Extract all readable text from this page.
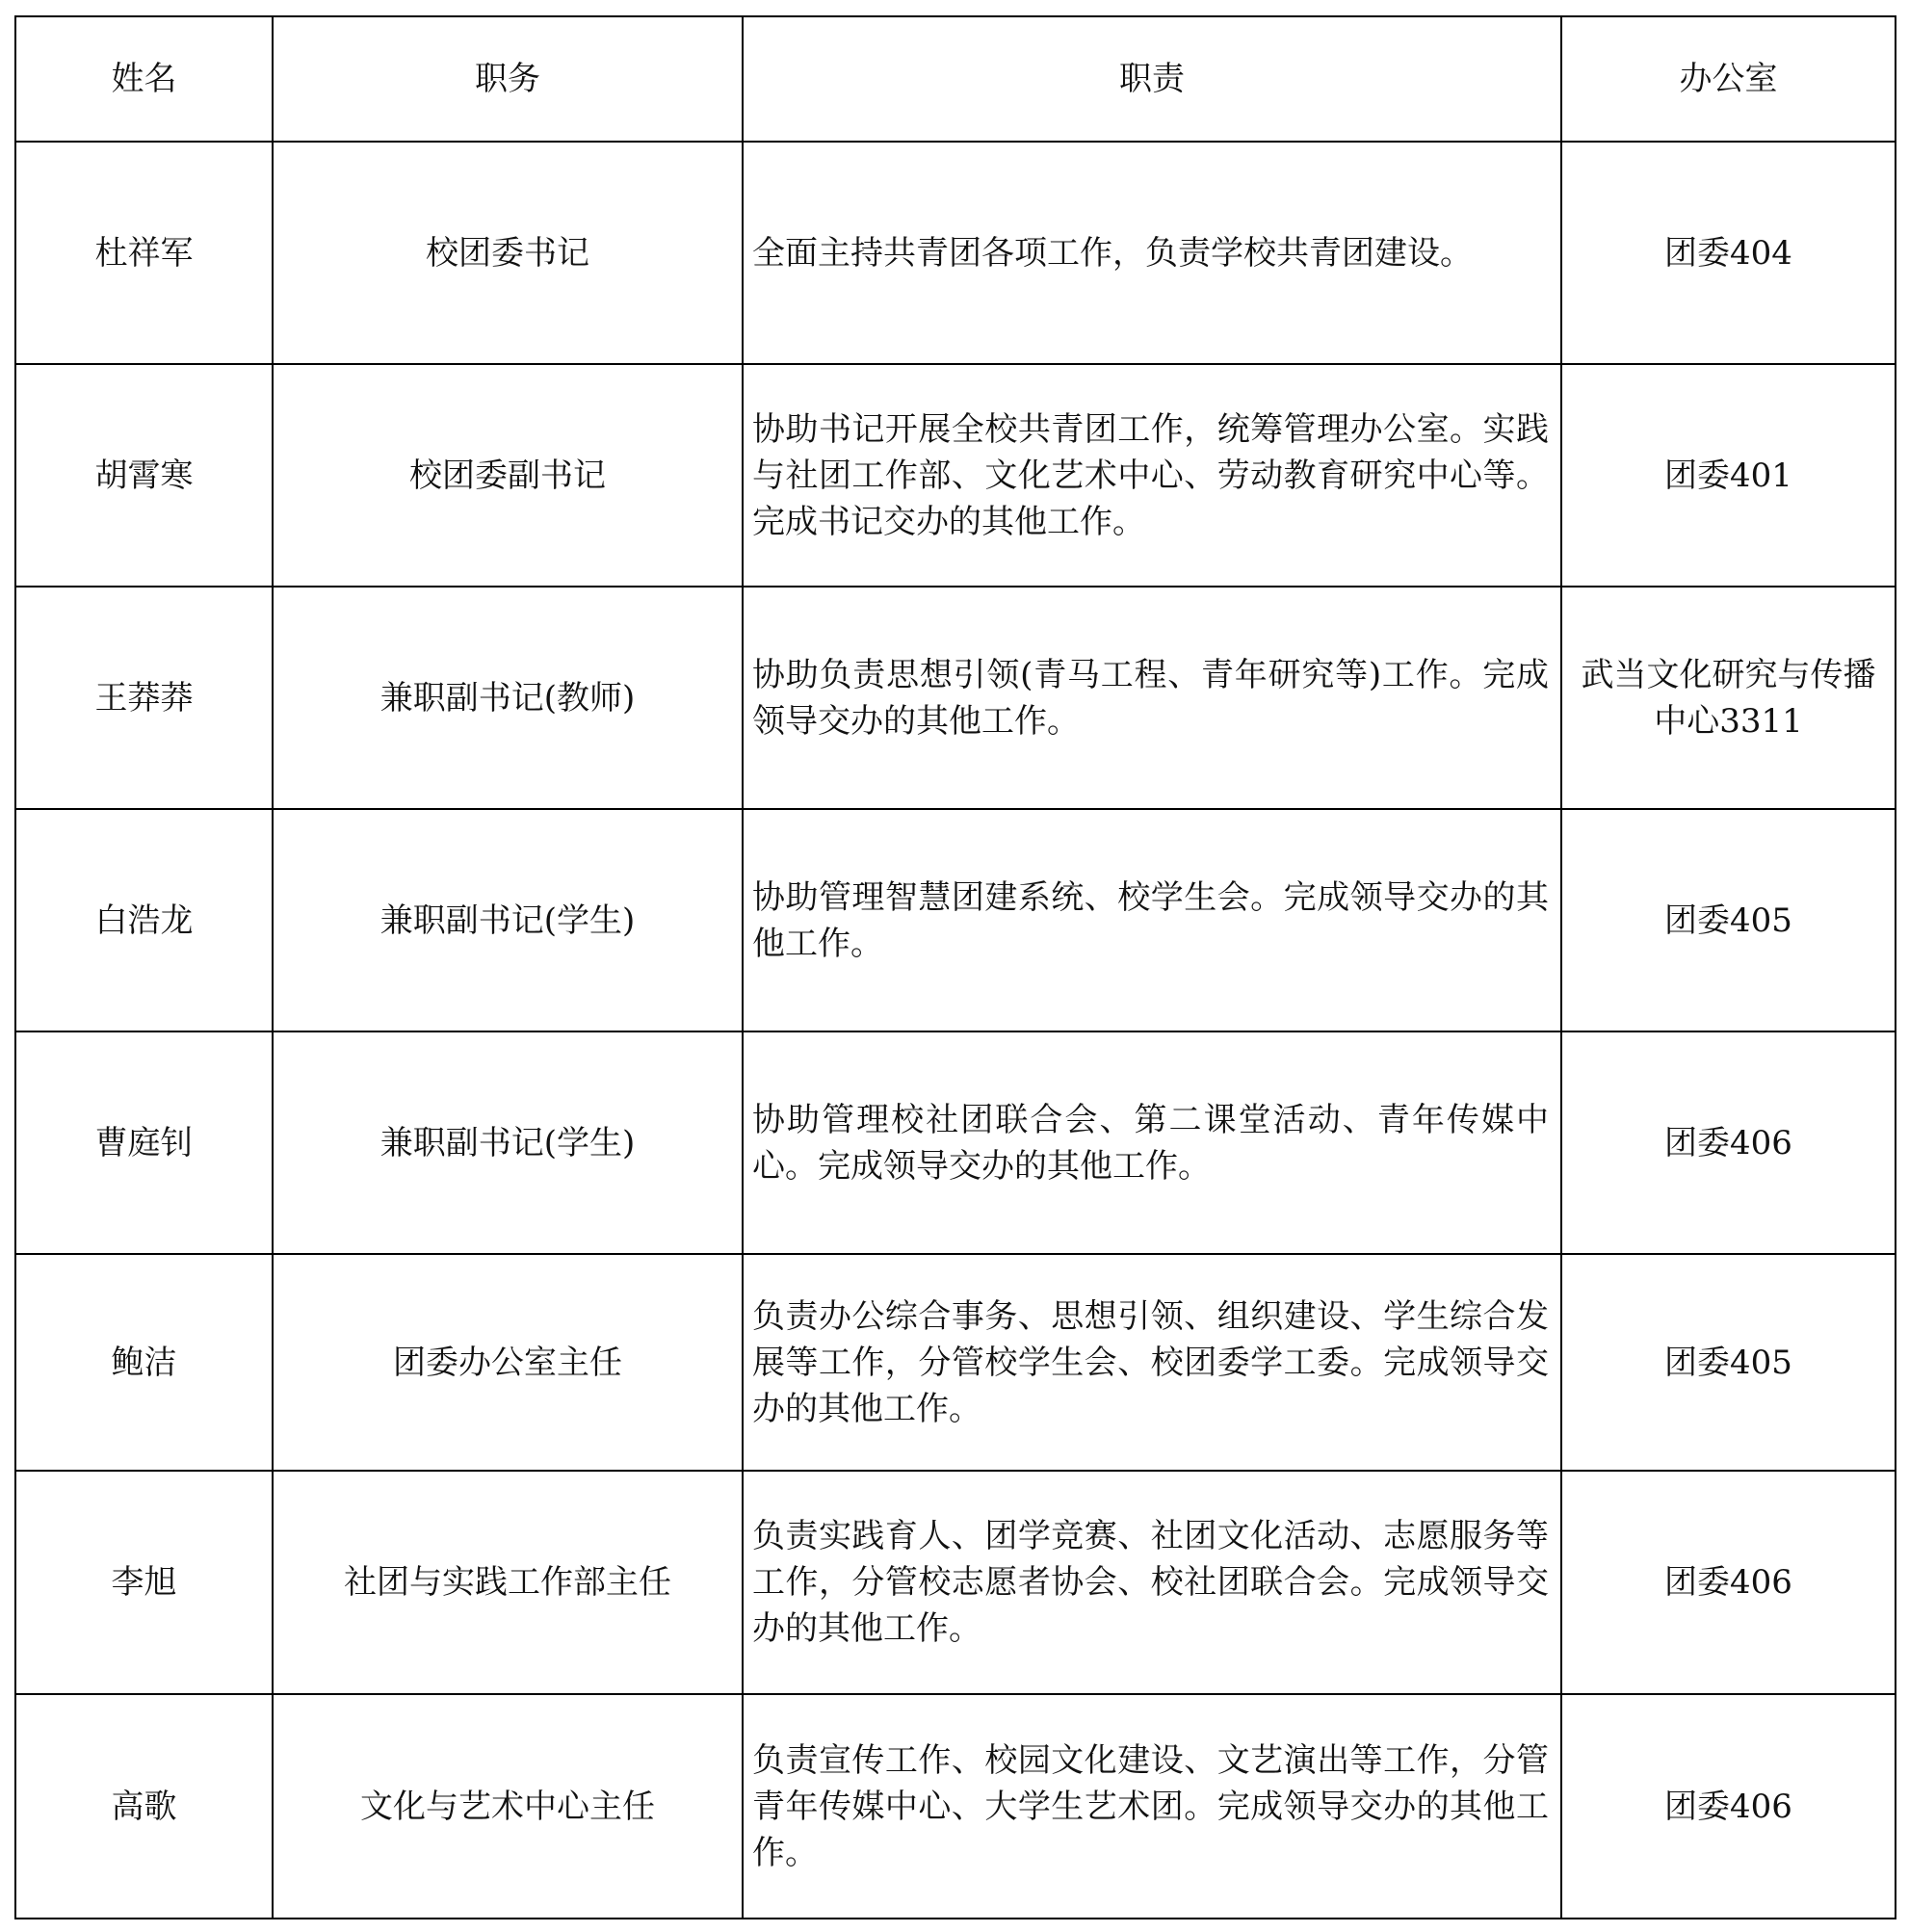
姓名	职务	职责	办公室
杜祥军	校团委书记	全面主持共青团各项工作，负责学校共青团建设。	团委404
胡霄寒	校团委副书记	协助书记开展全校共青团工作，统筹管理办公室。实践与社团工作部、文化艺术中心、劳动教育研究中心等。完成书记交办的其他工作。	团委401
王莽莽	兼职副书记(教师)	协助负责思想引领(青马工程、青年研究等)工作。完成领导交办的其他工作。	武当文化研究与传播中心3311
白浩龙	兼职副书记(学生)	协助管理智慧团建系统、校学生会。完成领导交办的其他工作。	团委405
曹庭钊	兼职副书记(学生)	协助管理校社团联合会、第二课堂活动、青年传媒中心。完成领导交办的其他工作。	团委406
鲍洁	团委办公室主任	负责办公综合事务、思想引领、组织建设、学生综合发展等工作，分管校学生会、校团委学工委。完成领导交办的其他工作。	团委405
李旭	社团与实践工作部主任	负责实践育人、团学竞赛、社团文化活动、志愿服务等工作，分管校志愿者协会、校社团联合会。完成领导交办的其他工作。	团委406
高歌	文化与艺术中心主任	负责宣传工作、校园文化建设、文艺演出等工作，分管青年传媒中心、大学生艺术团。完成领导交办的其他工作。	团委406
